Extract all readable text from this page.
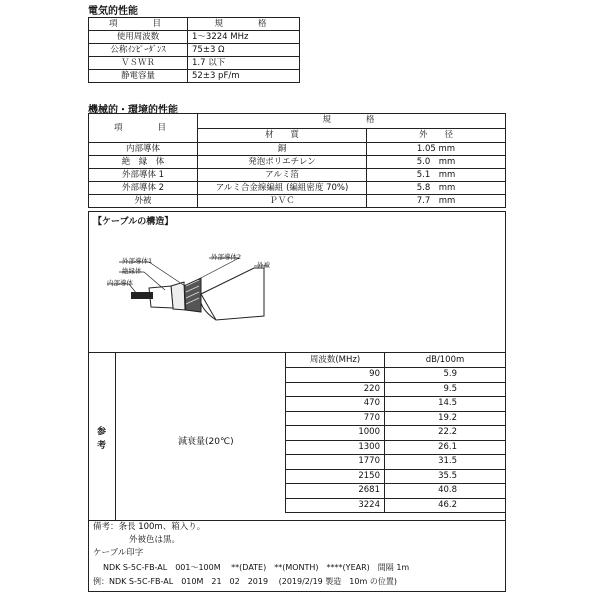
電気的性能
項　　目	規　　格
使用周波数	1～3224 MHz
公称ｲﾝﾋﾟｰﾀﾞﾝｽ	75±3 Ω
ＶＳＷＲ	1.7 以下
静電容量	52±3 pF/m
機械的・環境的性能
項　　目	規　　格	
	材　　質	外　　径
内部導体	銅	1.05 mm
絶　縁　体	発泡ポリエチレン	5.0　mm
外部導体 1	アルミ箔	5.1　mm
外部導体 2	アルミ合金線編組 (編組密度 70%)	5.8　mm
外被	ＰＶＣ	7.7　mm
【ケーブルの構造】
外部導体1
絶縁体
内部導体
外部導体2
外被
参
考	減衰量(20℃)
周波数(MHz)	dB/100m
90	5.9
220	9.5
470	14.5
770	19.2
1000	22.2
1300	26.1
1770	31.5
2150	35.5
2681	40.8
3224	46.2
備考：条長 100m、箱入り。
外被色は黒。
ケーブル印字
NDK S-5C-FB-AL　001～100M　 **(DATE)　**(MONTH)　****(YEAR)　間隔 1m
例：NDK S-5C-FB-AL　010M　21　02　2019　 (2019/2/19 製造　10m の位置)
